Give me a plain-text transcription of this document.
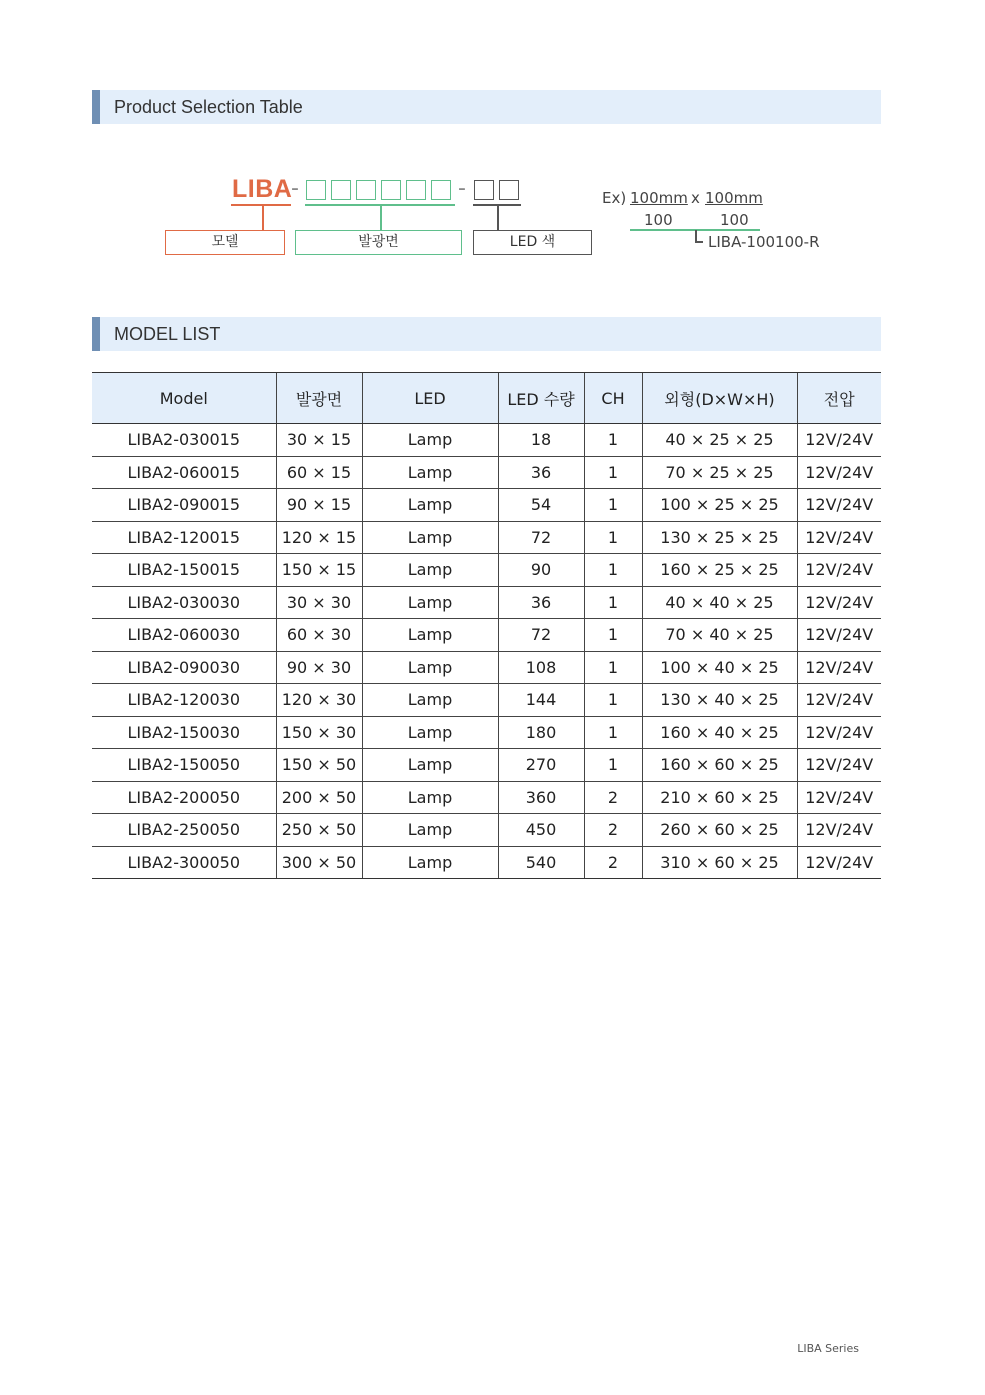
Product Selection Table
LIBA
-	-
모델	발광면	LED 색
Ex) 100mm x 100mm
100	100
LIBA-100100-R
MODEL LIST
Model	발광면	LED	LED 수량	CH	외형(D×W×H)	전압
LIBA2-030015	30 × 15	Lamp	18	1	40 × 25 × 25	12V/24V
LIBA2-060015	60 × 15	Lamp	36	1	70 × 25 × 25	12V/24V
LIBA2-090015	90 × 15	Lamp	54	1	100 × 25 × 25	12V/24V
LIBA2-120015	120 × 15	Lamp	72	1	130 × 25 × 25	12V/24V
LIBA2-150015	150 × 15	Lamp	90	1	160 × 25 × 25	12V/24V
LIBA2-030030	30 × 30	Lamp	36	1	40 × 40 × 25	12V/24V
LIBA2-060030	60 × 30	Lamp	72	1	70 × 40 × 25	12V/24V
LIBA2-090030	90 × 30	Lamp	108	1	100 × 40 × 25	12V/24V
LIBA2-120030	120 × 30	Lamp	144	1	130 × 40 × 25	12V/24V
LIBA2-150030	150 × 30	Lamp	180	1	160 × 40 × 25	12V/24V
LIBA2-150050	150 × 50	Lamp	270	1	160 × 60 × 25	12V/24V
LIBA2-200050	200 × 50	Lamp	360	2	210 × 60 × 25	12V/24V
LIBA2-250050	250 × 50	Lamp	450	2	260 × 60 × 25	12V/24V
LIBA2-300050	300 × 50	Lamp	540	2	310 × 60 × 25	12V/24V
LIBA Series
